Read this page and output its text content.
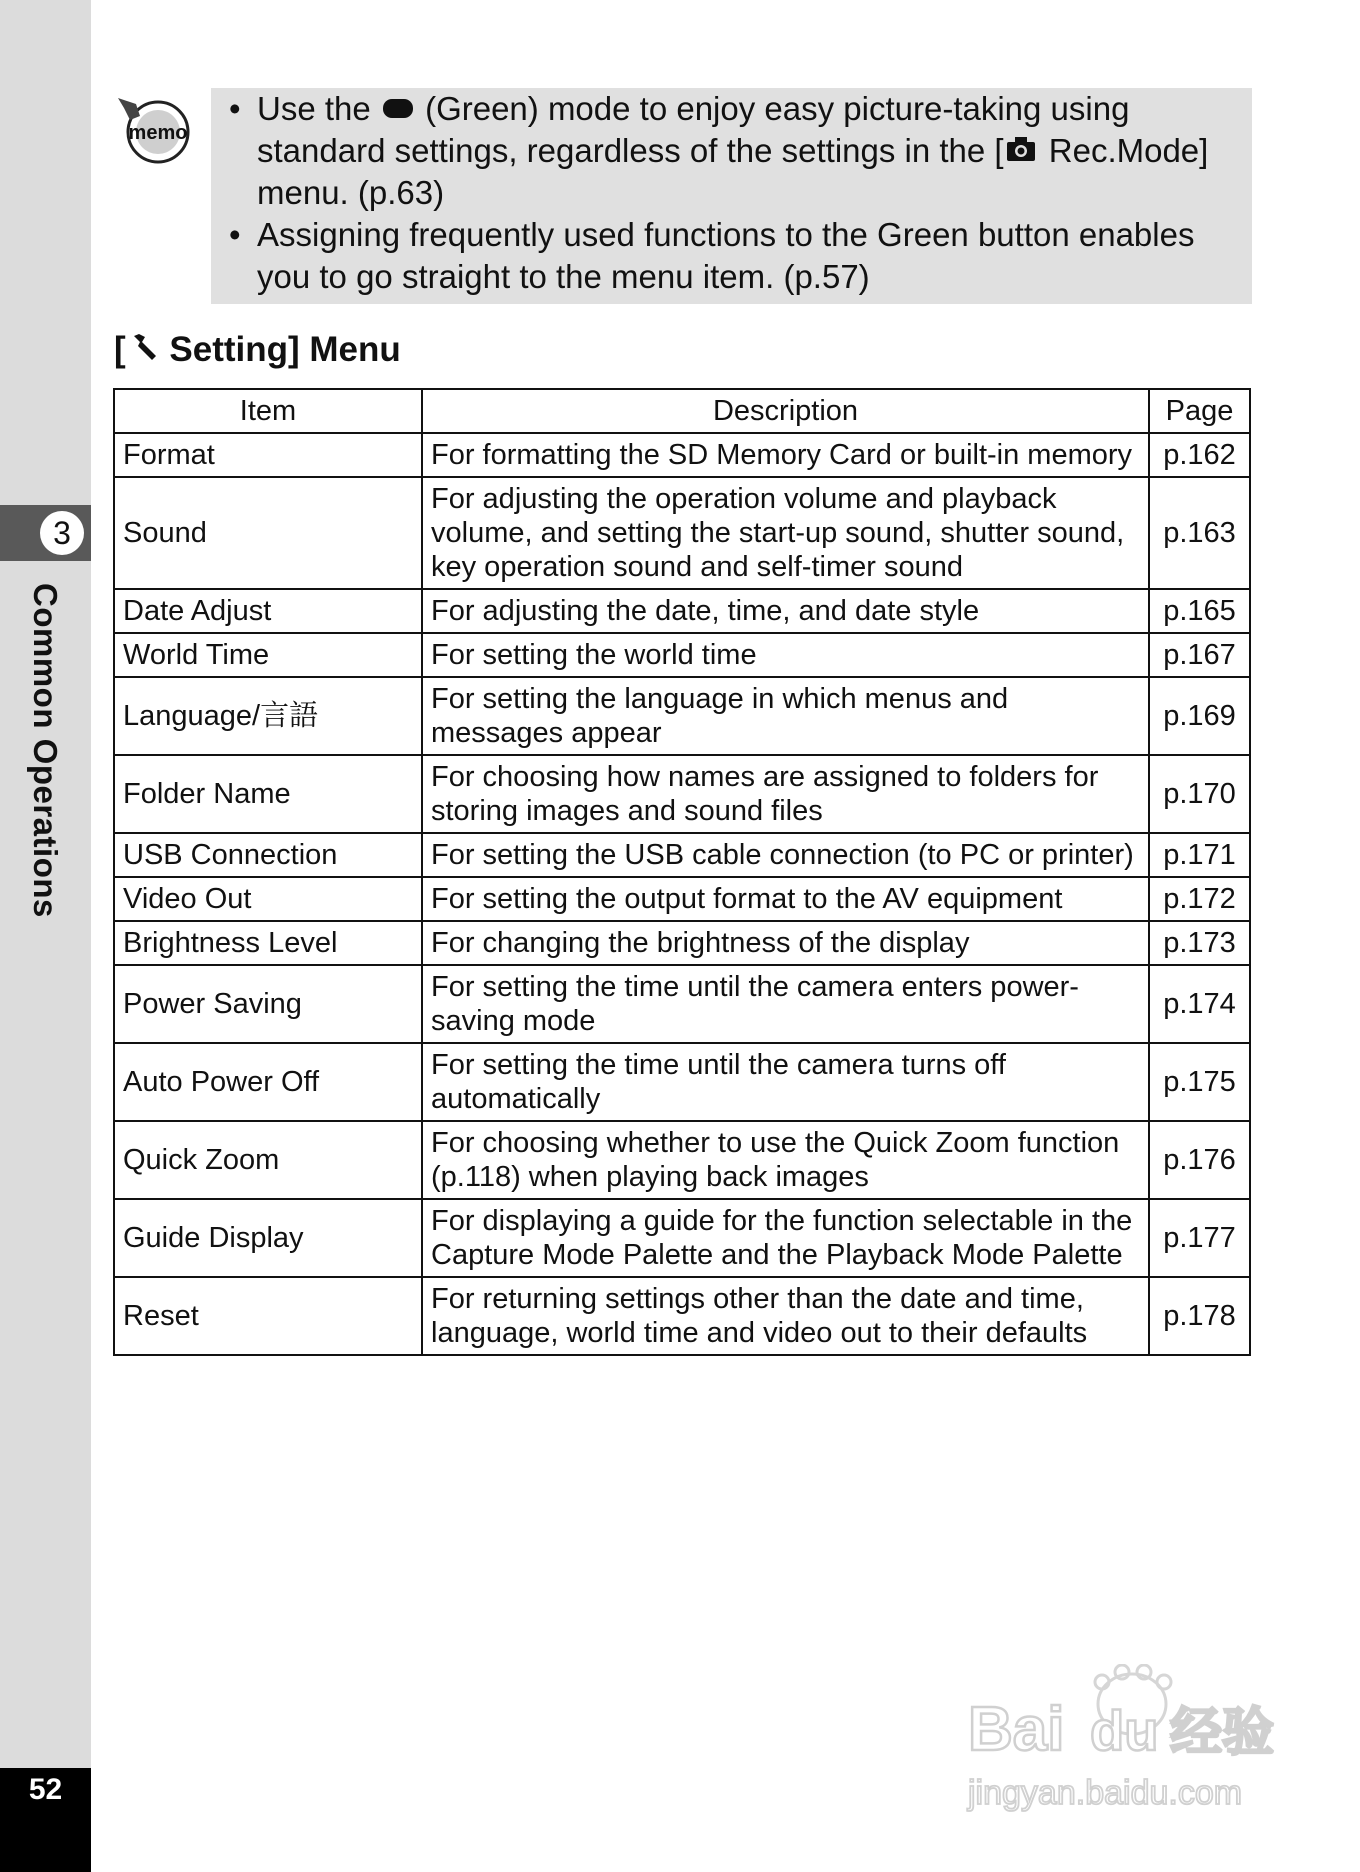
3
Common Operations
52
memo
• Use the  (Green) mode to enjoy easy picture-taking using standard settings, regardless of the settings in the [ Rec.Mode] menu. (p.63)
• Assigning frequently used functions to the Green button enables you to go straight to the menu item. (p.57)
[ Setting] Menu
Item	Description	Page
Format	For formatting the SD Memory Card or built-in memory	p.162
Sound	For adjusting the operation volume and playback volume, and setting the start-up sound, shutter sound, key operation sound and self-timer sound	p.163
Date Adjust	For adjusting the date, time, and date style	p.165
World Time	For setting the world time	p.167
Language/言語	For setting the language in which menus and messages appear	p.169
Folder Name	For choosing how names are assigned to folders for storing images and sound files	p.170
USB Connection	For setting the USB cable connection (to PC or printer)	p.171
Video Out	For setting the output format to the AV equipment	p.172
Brightness Level	For changing the brightness of the display	p.173
Power Saving	For setting the time until the camera enters power-saving mode	p.174
Auto Power Off	For setting the time until the camera turns off automatically	p.175
Quick Zoom	For choosing whether to use the Quick Zoom function (p.118) when playing back images	p.176
Guide Display	For displaying a guide for the function selectable in the Capture Mode Palette and the Playback Mode Palette	p.177
Reset	For returning settings other than the date and time, language, world time and video out to their defaults	p.178
Bai du 经验
jingyan.baidu.com
